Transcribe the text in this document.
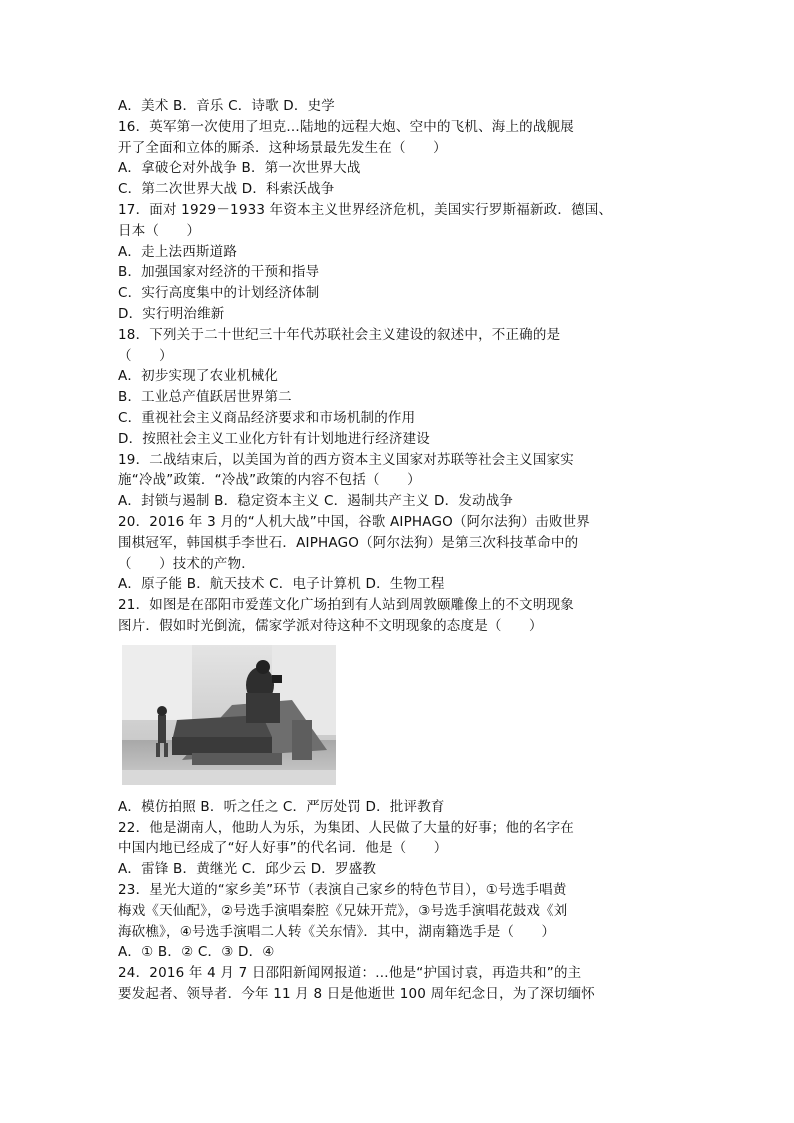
A．美术 B．音乐 C．诗歌 D．史学
16．英军第一次使用了坦克…陆地的远程大炮、空中的飞机、海上的战舰展
开了全面和立体的厮杀．这种场景最先发生在（　　）
A．拿破仑对外战争 B．第一次世界大战
C．第二次世界大战 D．科索沃战争
17．面对 1929－1933 年资本主义世界经济危机，美国实行罗斯福新政．德国、
日本（　　）
A．走上法西斯道路
B．加强国家对经济的干预和指导
C．实行高度集中的计划经济体制
D．实行明治维新
18．下列关于二十世纪三十年代苏联社会主义建设的叙述中，不正确的是
（　　）
A．初步实现了农业机械化
B．工业总产值跃居世界第二
C．重视社会主义商品经济要求和市场机制的作用
D．按照社会主义工业化方针有计划地进行经济建设
19．二战结束后，以美国为首的西方资本主义国家对苏联等社会主义国家实
施“冷战”政策．“冷战”政策的内容不包括（　　）
A．封锁与遏制 B．稳定资本主义 C．遏制共产主义 D．发动战争
20．2016 年 3 月的“人机大战”中国，谷歌 AIPHAGO（阿尔法狗）击败世界
围棋冠军，韩国棋手李世石．AIPHAGO（阿尔法狗）是第三次科技革命中的
（　　）技术的产物．
A．原子能 B．航天技术 C．电子计算机 D．生物工程
21．如图是在邵阳市爱莲文化广场拍到有人站到周敦颐雕像上的不文明现象
图片．假如时光倒流，儒家学派对待这种不文明现象的态度是（　　）
A．模仿拍照 B．听之任之 C．严厉处罚 D．批评教育
22．他是湖南人，他助人为乐，为集团、人民做了大量的好事；他的名字在
中国内地已经成了“好人好事”的代名词．他是（　　）
A．雷锋 B．黄继光 C．邱少云 D．罗盛教
23．星光大道的“家乡美”环节（表演自己家乡的特色节目），①号选手唱黄
梅戏《天仙配》，②号选手演唱秦腔《兄妹开荒》，③号选手演唱花鼓戏《刘
海砍樵》，④号选手演唱二人转《关东情》．其中，湖南籍选手是（　　）
A．① B．② C．③ D．④
24．2016 年 4 月 7 日邵阳新闻网报道：…他是“护国讨袁，再造共和”的主
要发起者、领导者．今年 11 月 8 日是他逝世 100 周年纪念日，为了深切缅怀
